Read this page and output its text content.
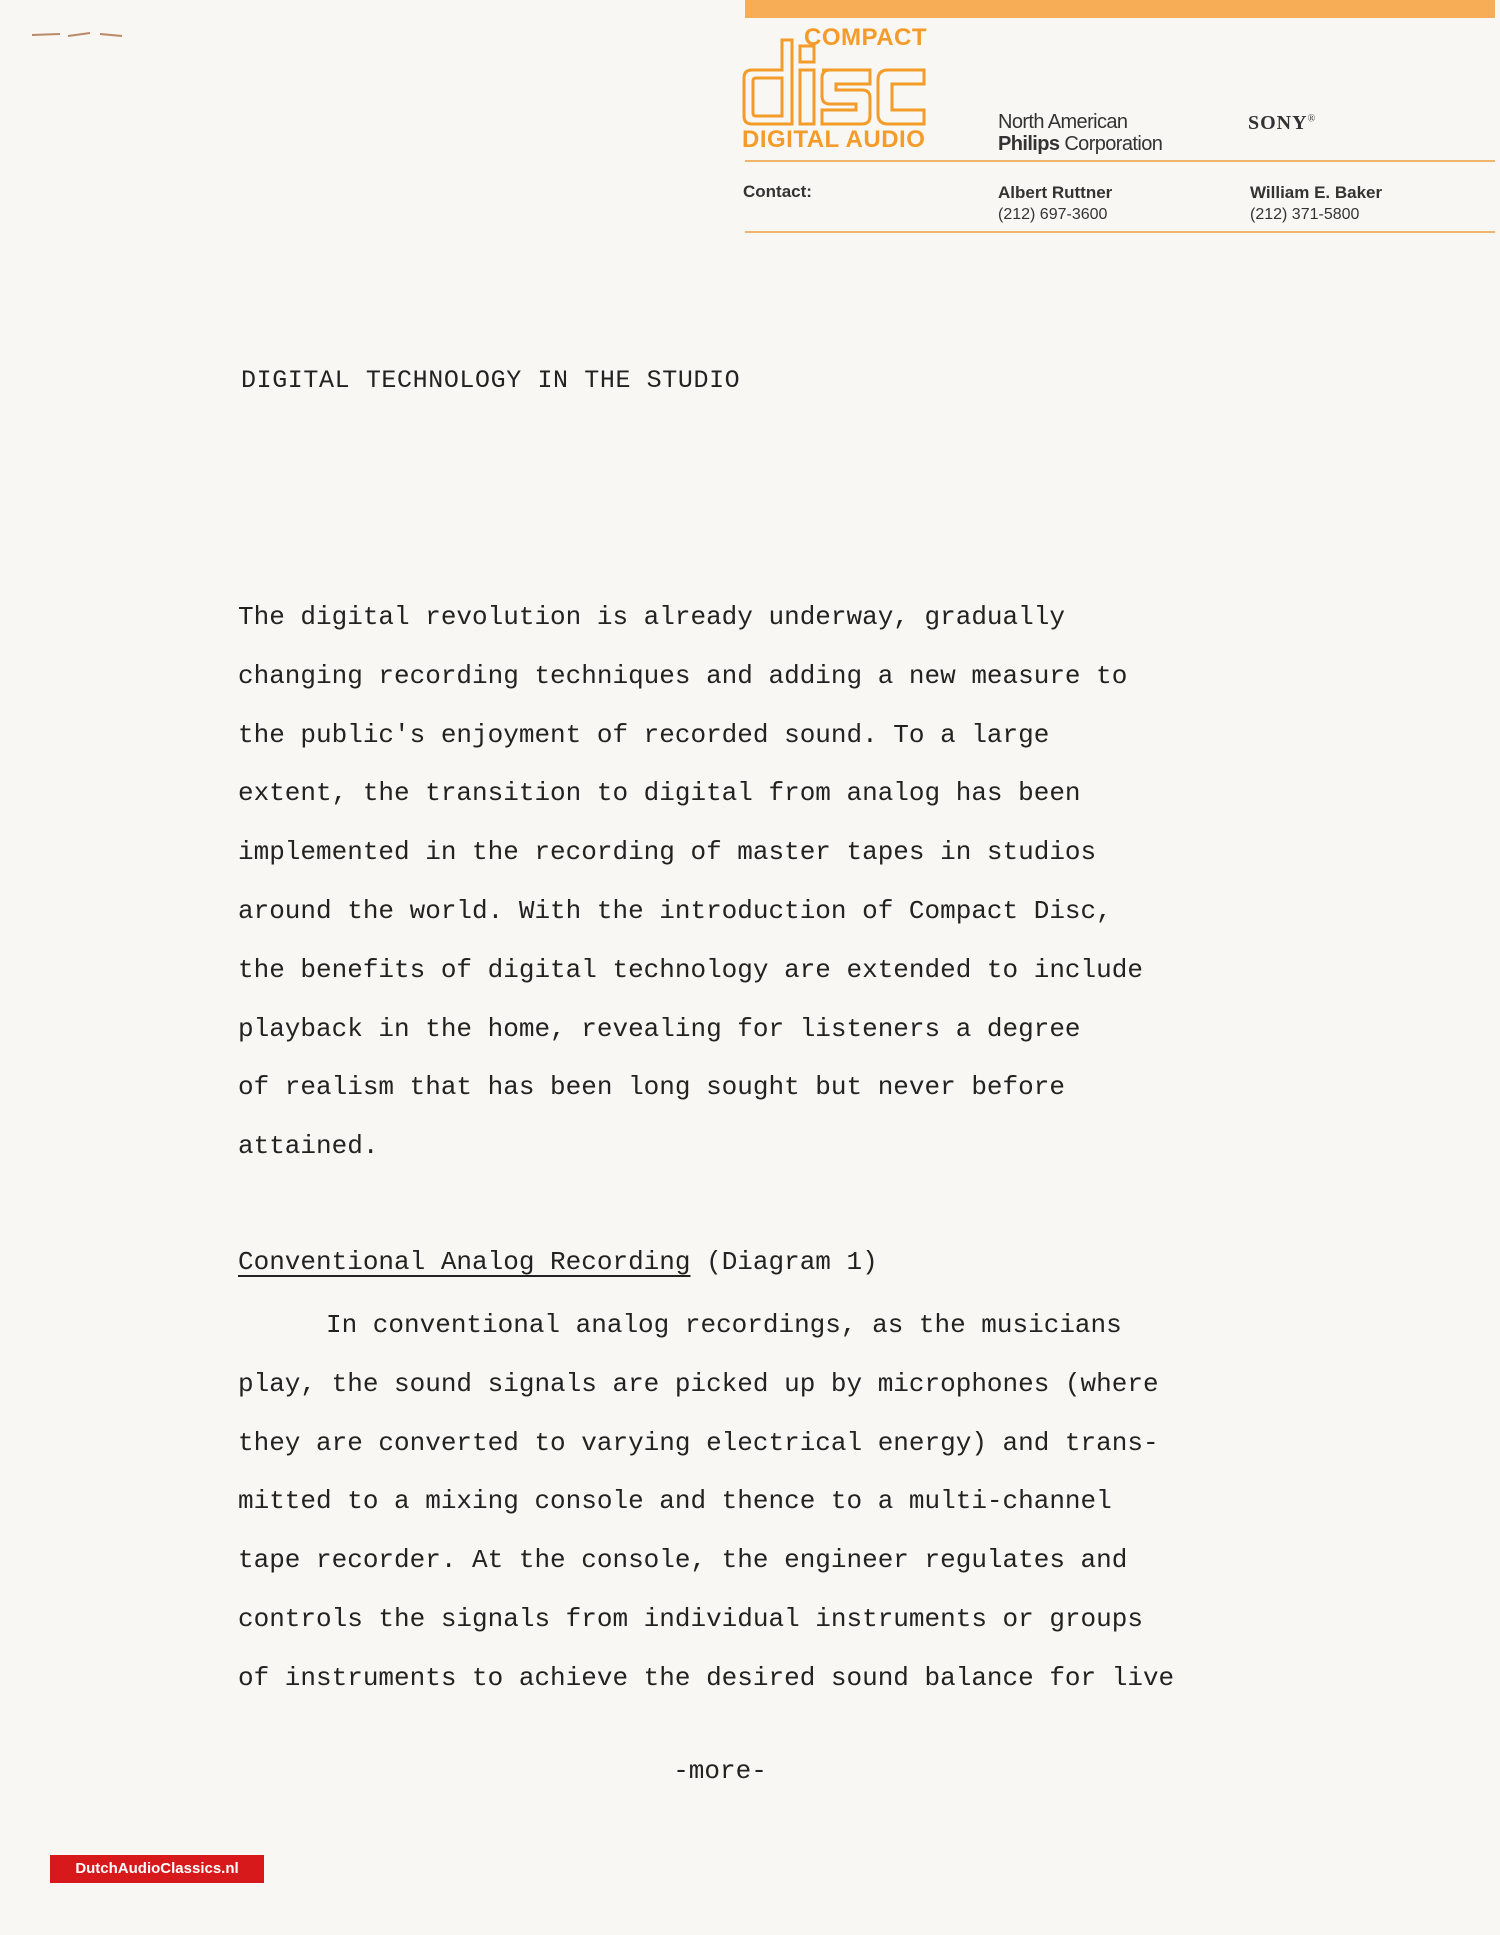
COMPACT
DIGITAL AUDIO
North American
Philips Corporation
SONY®
Contact:	Albert Ruttner
(212) 697-3600
William E. Baker
(212) 371-5800
DIGITAL TECHNOLOGY IN THE STUDIO
The digital revolution is already underway, gradually
changing recording techniques and adding a new measure to
the public's enjoyment of recorded sound. To a large
extent, the transition to digital from analog has been
implemented in the recording of master tapes in studios
around the world. With the introduction of Compact Disc,
the benefits of digital technology are extended to include
playback in the home, revealing for listeners a degree
of realism that has been long sought but never before
attained.
Conventional Analog Recording (Diagram 1)
In conventional analog recordings, as the musicians
play, the sound signals are picked up by microphones (where
they are converted to varying electrical energy) and trans-
mitted to a mixing console and thence to a multi-channel
tape recorder. At the console, the engineer regulates and
controls the signals from individual instruments or groups
of instruments to achieve the desired sound balance for live
-more-
DutchAudioClassics.nl
